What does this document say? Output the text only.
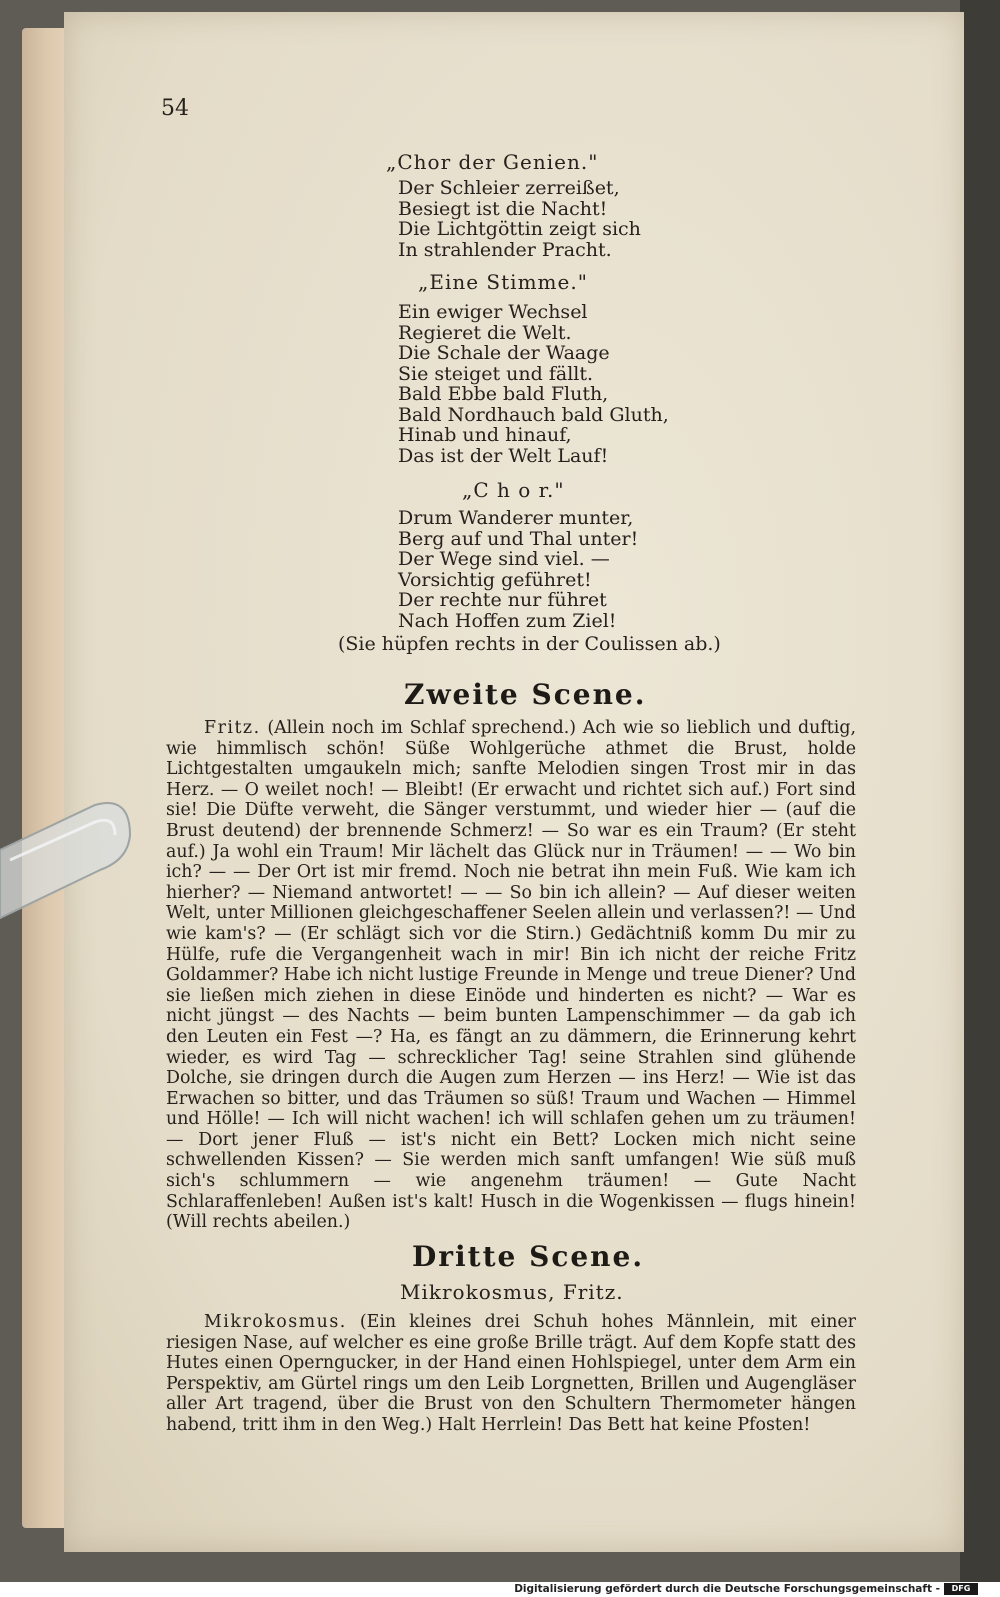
54
„Chor der Genien."
Der Schleier zerreißet,
Besiegt ist die Nacht!
Die Lichtgöttin zeigt sich
In strahlender Pracht.
„Eine Stimme."
Ein ewiger Wechsel
Regieret die Welt.
Die Schale der Waage
Sie steiget und fällt.
Bald Ebbe bald Fluth,
Bald Nordhauch bald Gluth,
Hinab und hinauf,
Das ist der Welt Lauf!
„C h o r."
Drum Wanderer munter,
Berg auf und Thal unter!
Der Wege sind viel. —
Vorsichtig geführet!
Der rechte nur führet
Nach Hoffen zum Ziel!
(Sie hüpfen rechts in der Coulissen ab.)
Zweite Scene.
Fritz. (Allein noch im Schlaf sprechend.) Ach wie so lieblich und duftig, wie himmlisch schön! Süße Wohlgerüche athmet die Brust, holde Lichtgestalten umgaukeln mich; sanfte Melodien singen Trost mir in das Herz. — O weilet noch! — Bleibt! (Er erwacht und richtet sich auf.) Fort sind sie! Die Düfte verweht, die Sänger verstummt, und wieder hier — (auf die Brust deutend) der brennende Schmerz! — So war es ein Traum? (Er steht auf.) Ja wohl ein Traum! Mir lächelt das Glück nur in Träumen! — — Wo bin ich? — — Der Ort ist mir fremd. Noch nie betrat ihn mein Fuß. Wie kam ich hierher? — Niemand antwortet! — — So bin ich allein? — Auf dieser weiten Welt, unter Millionen gleichgeschaffener Seelen allein und verlassen?! — Und wie kam's? — (Er schlägt sich vor die Stirn.) Gedächtniß komm Du mir zu Hülfe, rufe die Vergangenheit wach in mir! Bin ich nicht der reiche Fritz Goldammer? Habe ich nicht lustige Freunde in Menge und treue Diener? Und sie ließen mich ziehen in diese Einöde und hinderten es nicht? — War es nicht jüngst — des Nachts — beim bunten Lampenschimmer — da gab ich den Leuten ein Fest —? Ha, es fängt an zu dämmern, die Erinnerung kehrt wieder, es wird Tag — schrecklicher Tag! seine Strahlen sind glühende Dolche, sie dringen durch die Augen zum Herzen — ins Herz! — Wie ist das Erwachen so bitter, und das Träumen so süß! Traum und Wachen — Himmel und Hölle! — Ich will nicht wachen! ich will schlafen gehen um zu träumen! — Dort jener Fluß — ist's nicht ein Bett? Locken mich nicht seine schwellenden Kissen? — Sie werden mich sanft umfangen! Wie süß muß sich's schlummern — wie angenehm träumen! — Gute Nacht Schlaraffenleben! Außen ist's kalt! Husch in die Wogenkissen — flugs hinein! (Will rechts abeilen.)
Dritte Scene.
Mikrokosmus, Fritz.
Mikrokosmus. (Ein kleines drei Schuh hohes Männlein, mit einer riesigen Nase, auf welcher es eine große Brille trägt. Auf dem Kopfe statt des Hutes einen Operngucker, in der Hand einen Hohlspiegel, unter dem Arm ein Perspektiv, am Gürtel rings um den Leib Lorgnetten, Brillen und Augengläser aller Art tragend, über die Brust von den Schultern Thermometer hängen habend, tritt ihm in den Weg.) Halt Herrlein! Das Bett hat keine Pfosten!
Digitalisierung gefördert durch die Deutsche Forschungsgemeinschaft -	DFG
